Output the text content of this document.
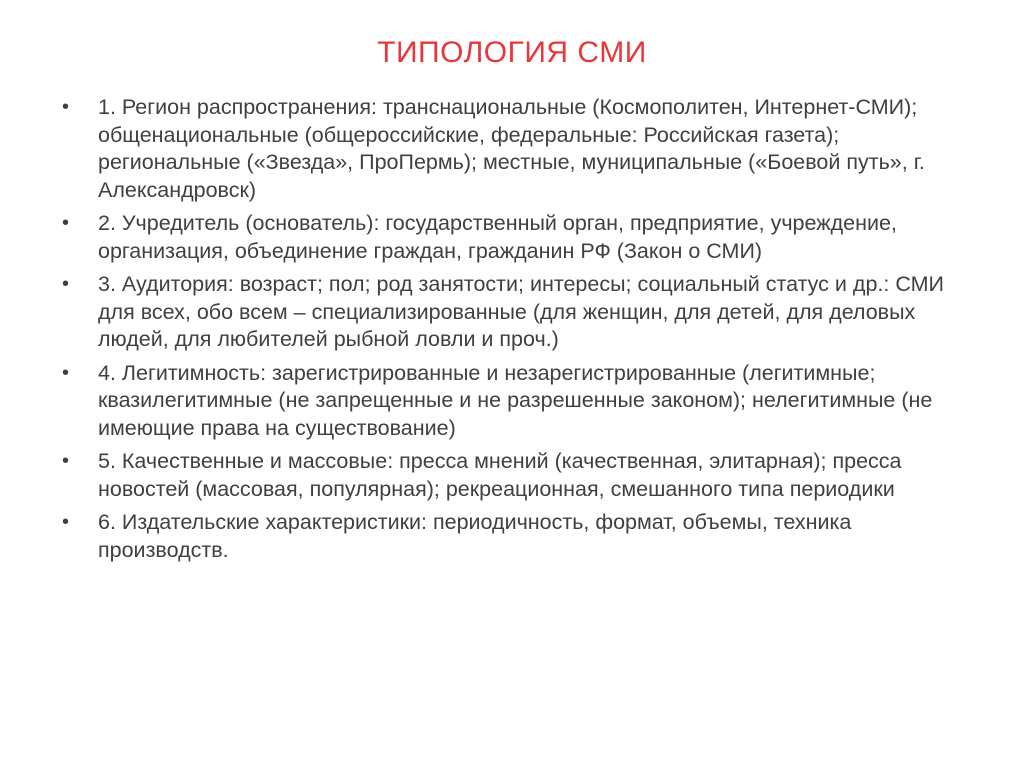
ТИПОЛОГИЯ СМИ
•	1. Регион распространения: транснациональные (Космополитен, Интернет-СМИ); общенациональные (общероссийские, федеральные: Российская газета); региональные («Звезда», ПроПермь); местные, муниципальные («Боевой путь», г. Александровск)
•	2. Учредитель (основатель): государственный орган, предприятие, учреждение, организация, объединение граждан, гражданин РФ (Закон о СМИ)
•	3. Аудитория: возраст; пол; род занятости; интересы; социальный статус и др.: СМИ для всех, обо всем – специализированные (для женщин, для детей, для деловых людей, для любителей рыбной ловли и проч.)
•	4. Легитимность: зарегистрированные и незарегистрированные (легитимные; квазилегитимные (не запрещенные и не разрешенные законом); нелегитимные (не имеющие права на существование)
•	5. Качественные и массовые: пресса мнений (качественная, элитарная); пресса новостей (массовая, популярная); рекреационная, смешанного типа периодики
•	6. Издательские характеристики: периодичность, формат, объемы, техника производств.
